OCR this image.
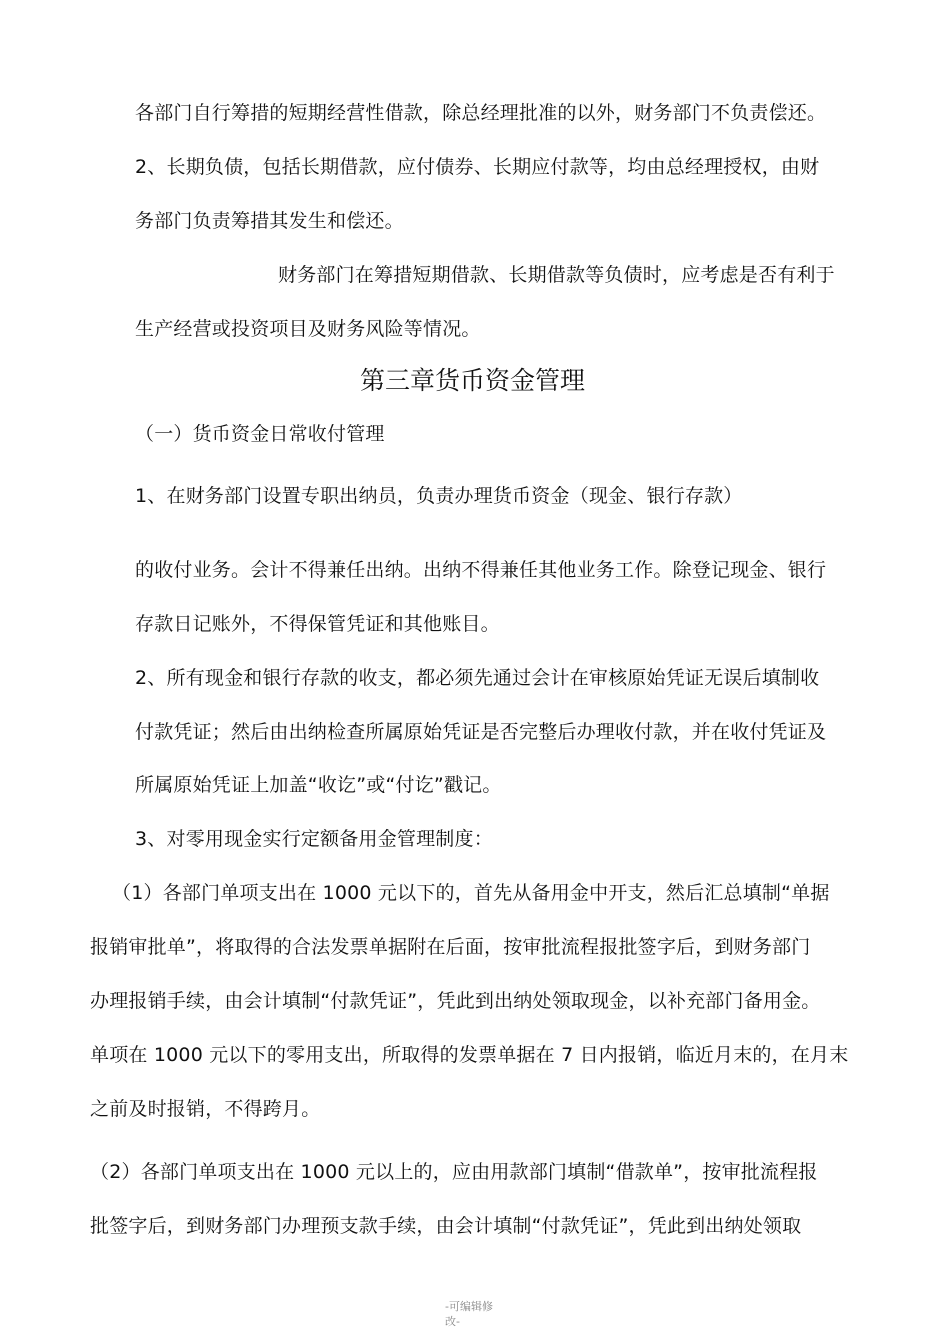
各部门自行筹措的短期经营性借款，除总经理批准的以外，财务部门不负责偿还。
2、长期负债，包括长期借款，应付债券、长期应付款等，均由总经理授权，由财
务部门负责筹措其发生和偿还。
财务部门在筹措短期借款、长期借款等负债时，应考虑是否有利于
生产经营或投资项目及财务风险等情况。
第三章货币资金管理
（一）货币资金日常收付管理
1、在财务部门设置专职出纳员，负责办理货币资金（现金、银行存款）
的收付业务。会计不得兼任出纳。出纳不得兼任其他业务工作。除登记现金、银行
存款日记账外，不得保管凭证和其他账目。
2、所有现金和银行存款的收支，都必须先通过会计在审核原始凭证无误后填制收
付款凭证；然后由出纳检查所属原始凭证是否完整后办理收付款，并在收付凭证及
所属原始凭证上加盖“收讫”或“付讫”戳记。
3、对零用现金实行定额备用金管理制度：
（1）各部门单项支出在 1000 元以下的，首先从备用金中开支，然后汇总填制“单据
报销审批单”，将取得的合法发票单据附在后面，按审批流程报批签字后，到财务部门
办理报销手续，由会计填制“付款凭证”，凭此到出纳处领取现金，以补充部门备用金。
单项在 1000 元以下的零用支出，所取得的发票单据在 7 日内报销，临近月末的，在月末
之前及时报销，不得跨月。
（2）各部门单项支出在 1000 元以上的，应由用款部门填制“借款单”，按审批流程报
批签字后，到财务部门办理预支款手续，由会计填制“付款凭证”，凭此到出纳处领取
-可编辑修
改-
